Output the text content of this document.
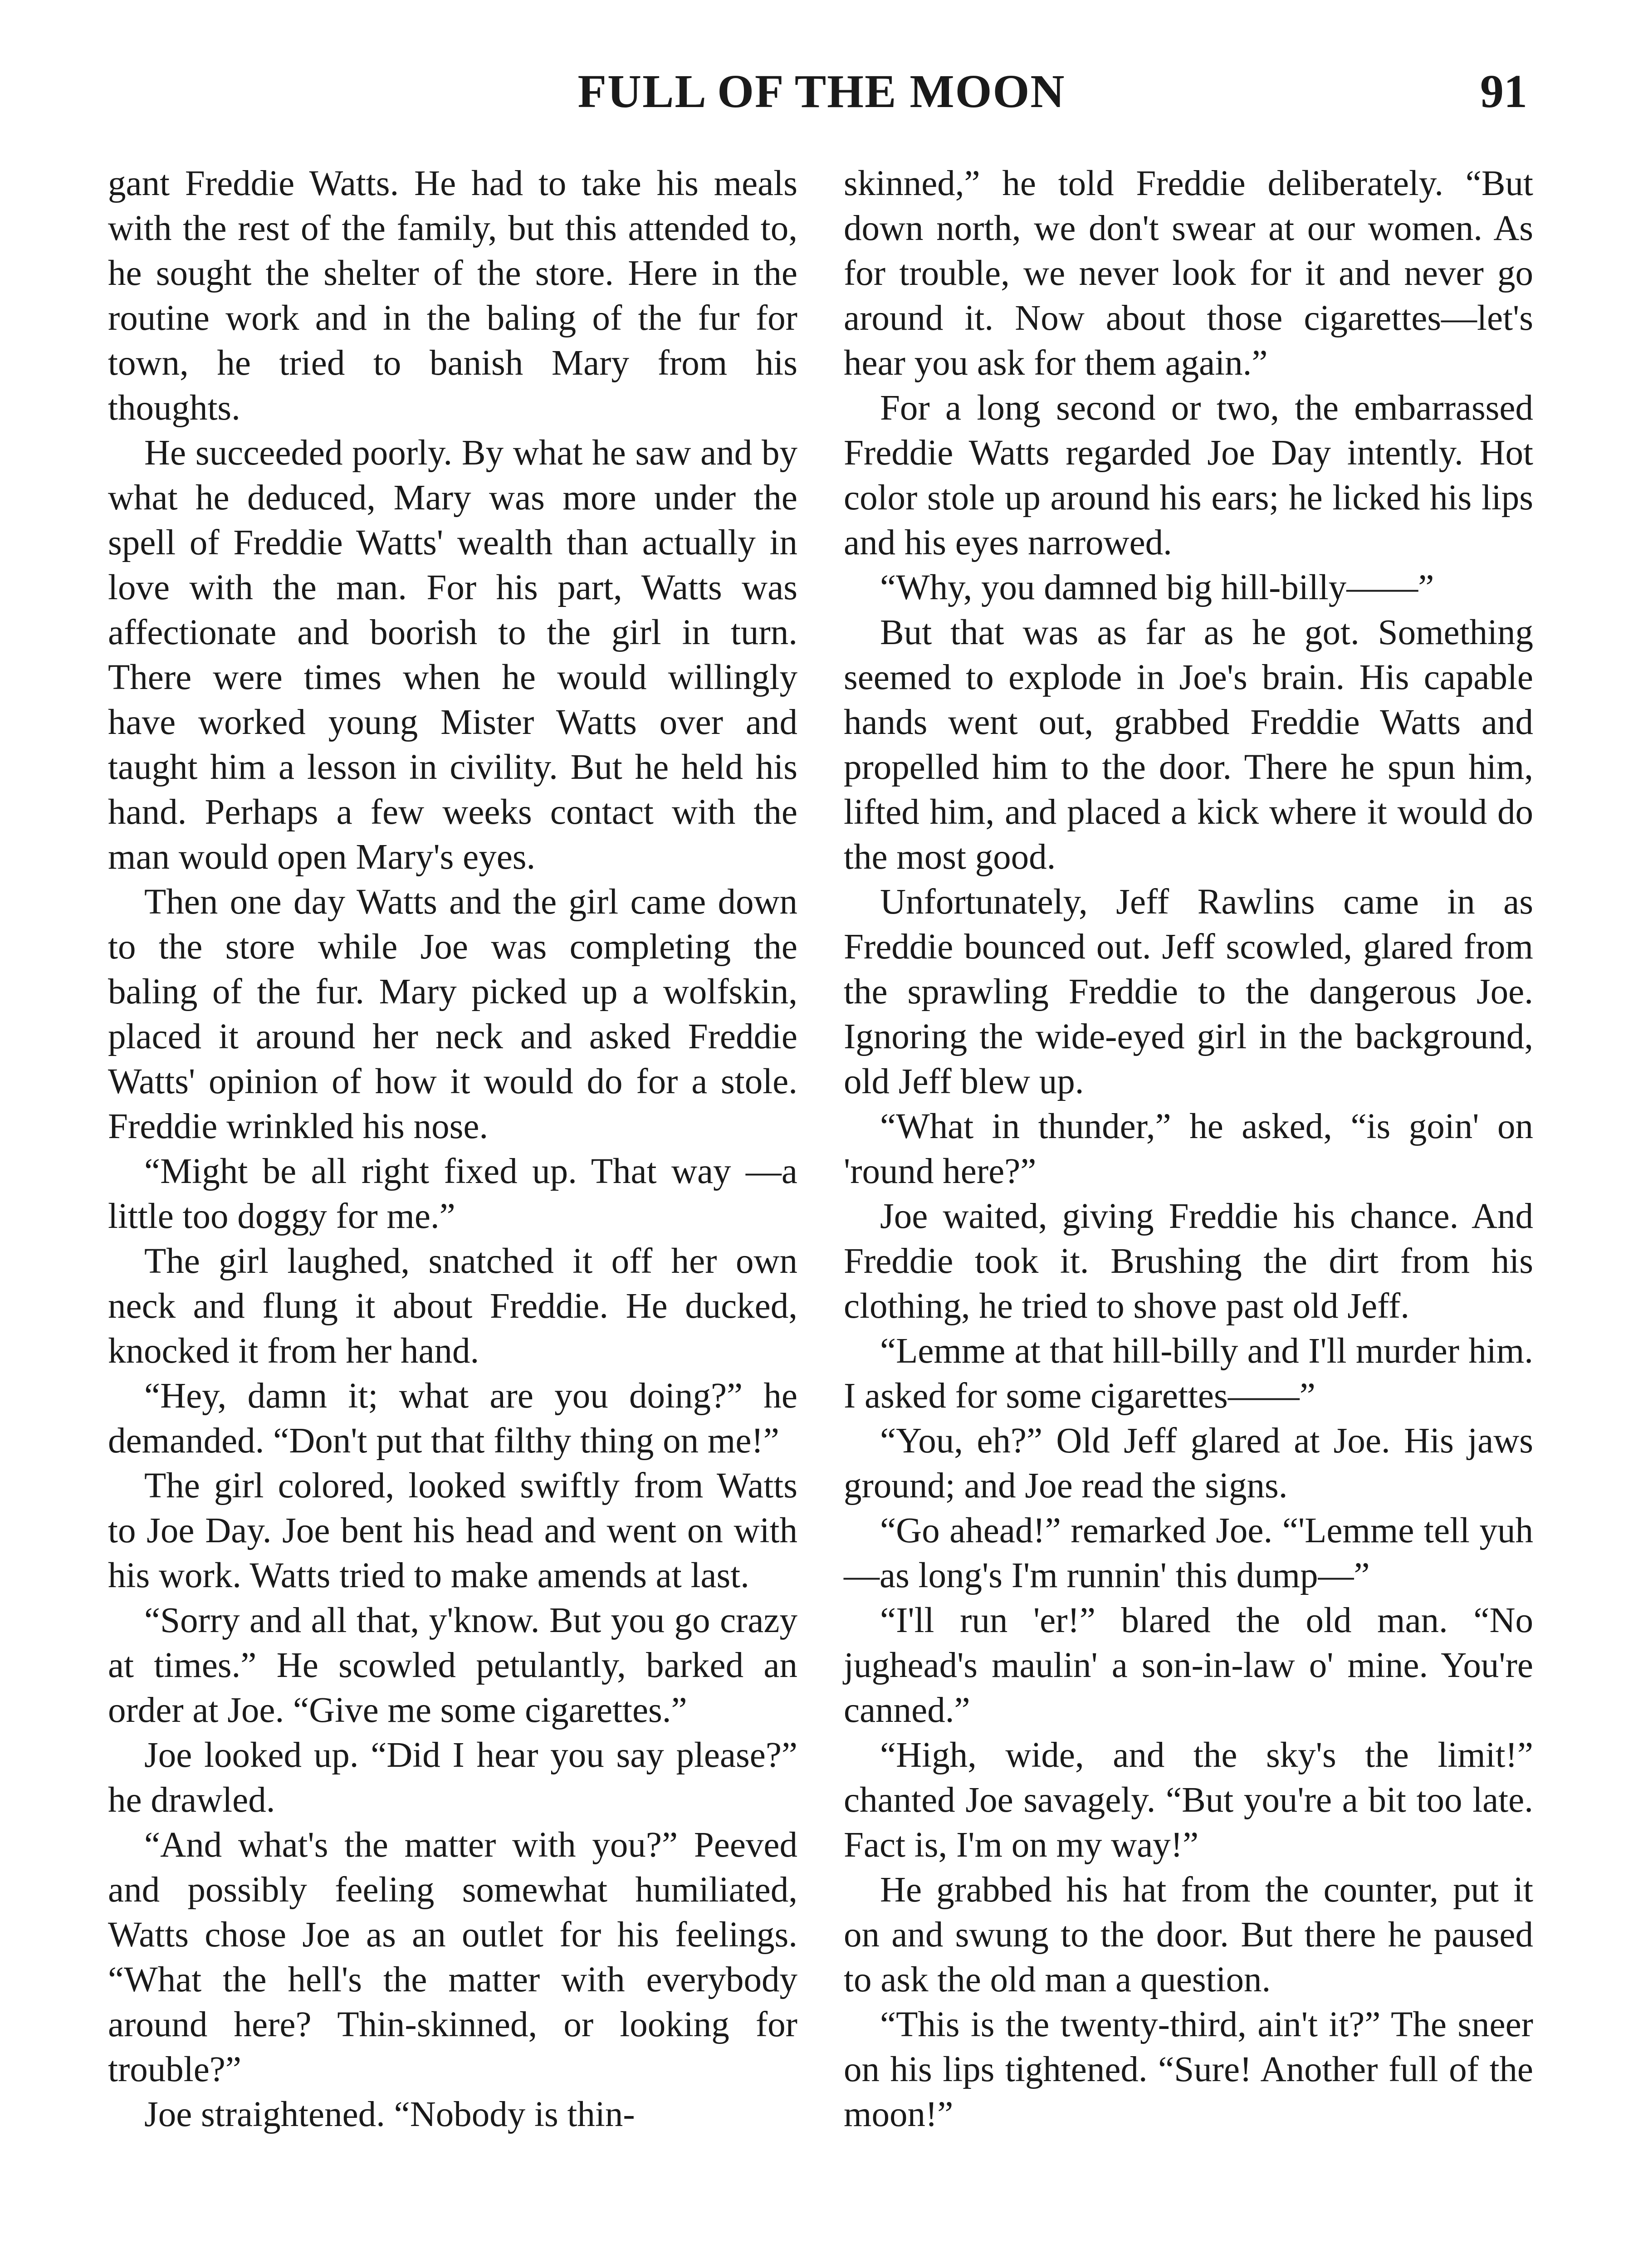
FULL OF THE MOON	91

gant Freddie Watts. He had to take his meals with the rest of the family, but this attended to, he sought the shelter of the store. Here in the routine work and in the baling of the fur for town, he tried to banish Mary from his thoughts.

He succeeded poorly. By what he saw and by what he deduced, Mary was more under the spell of Freddie Watts' wealth than actually in love with the man. For his part, Watts was affectionate and boorish to the girl in turn. There were times when he would willingly have worked young Mister Watts over and taught him a lesson in civility. But he held his hand. Perhaps a few weeks contact with the man would open Mary's eyes.

Then one day Watts and the girl came down to the store while Joe was completing the baling of the fur. Mary picked up a wolfskin, placed it around her neck and asked Freddie Watts' opinion of how it would do for a stole. Freddie wrinkled his nose.

“Might be all right fixed up. That way —a little too doggy for me.”

The girl laughed, snatched it off her own neck and flung it about Freddie. He ducked, knocked it from her hand.

“Hey, damn it; what are you doing?” he demanded. “Don't put that filthy thing on me!”

The girl colored, looked swiftly from Watts to Joe Day. Joe bent his head and went on with his work. Watts tried to make amends at last.

“Sorry and all that, y'know. But you go crazy at times.” He scowled petulantly, barked an order at Joe. “Give me some cigarettes.”

Joe looked up. “Did I hear you say please?” he drawled.

“And what's the matter with you?” Peeved and possibly feeling somewhat humiliated, Watts chose Joe as an outlet for his feelings. “What the hell's the matter with everybody around here? Thin-skinned, or looking for trouble?”

Joe straightened. “Nobody is thin-

skinned,” he told Freddie deliberately. “But down north, we don't swear at our women. As for trouble, we never look for it and never go around it. Now about those cigarettes—let's hear you ask for them again.”

For a long second or two, the embarrassed Freddie Watts regarded Joe Day intently. Hot color stole up around his ears; he licked his lips and his eyes narrowed.

“Why, you damned big hill-billy——”

But that was as far as he got. Something seemed to explode in Joe's brain. His capable hands went out, grabbed Freddie Watts and propelled him to the door. There he spun him, lifted him, and placed a kick where it would do the most good.

Unfortunately, Jeff Rawlins came in as Freddie bounced out. Jeff scowled, glared from the sprawling Freddie to the dangerous Joe. Ignoring the wide-eyed girl in the background, old Jeff blew up.

“What in thunder,” he asked, “is goin' on 'round here?”

Joe waited, giving Freddie his chance. And Freddie took it. Brushing the dirt from his clothing, he tried to shove past old Jeff.

“Lemme at that hill-billy and I'll murder him. I asked for some cigarettes——”

“You, eh?” Old Jeff glared at Joe. His jaws ground; and Joe read the signs.

“Go ahead!” remarked Joe. “'Lemme tell yuh—as long's I'm runnin' this dump—”

“I'll run 'er!” blared the old man. “No jughead's maulin' a son-in-law o' mine. You're canned.”

“High, wide, and the sky's the limit!” chanted Joe savagely. “But you're a bit too late. Fact is, I'm on my way!”

He grabbed his hat from the counter, put it on and swung to the door. But there he paused to ask the old man a question.

“This is the twenty-third, ain't it?” The sneer on his lips tightened. “Sure! Another full of the moon!”
